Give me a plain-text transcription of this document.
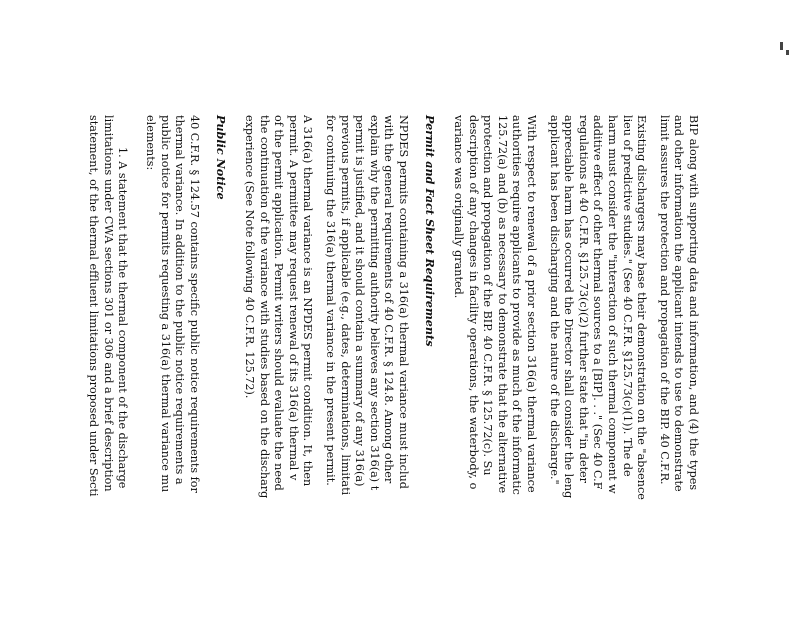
BIP along with supporting data and information, and (4) the types

and other information the applicant intends to use to demonstrate

limit assures the protection and propagation of the BIP. 40 C.F.R.

Existing dischargers may base their demonstration on the "absence

lieu of predictive studies." (See 40 C.F.R. §125.73(c)(1)). The de

harm must consider the "interaction of such thermal component w

additive effect of other thermal sources to a [BIP]. . ." (Sec 40 C.F

regulations at 40 C.F.R. §125.73(c)(2) further state that "in deter

appreciable harm has occurred the Director shall consider the leng

applicant has been discharging and the nature of the discharge."

With respect to renewal of a prior section 316(a) thermal variance

authorities require applicants to provide as much of the informatic

125.72(a) and (b) as necessary to demonstrate that the alternative

protection and propagation of the BIP. 40 C.F.R. § 125.72(c). Su

description of any changes in facility operations, the waterbody, o

variance was originally granted.

Permit and Fact Sheet Requirements

NPDES permits containing a 316(a) thermal variance must includ

with the general requirements of 40 C.F.R. § 124.8. Among other

explain why the permitting authority believes any section 316(a) t

permit is justified, and it should contain a summary of any 316(a)

previous permits, if applicable (e.g., dates, determinations, limitati

for continuing the 316(a) thermal variance in the present permit.

A 316(a) thermal variance is an NPDES permit condition. It, then

permit. A permittee may request renewal of its 316(a) thermal v

of the permit application. Permit writers should evaluate the need

the continuation of the variance with studies based on the discharg

experience (See Note following 40 C.F.R. 125.72).

Public Notice

40 C.F.R. § 124.57 contains specific public notice requirements for

thermal variance. In addition to the public notice requirements a

public notice for permits requesting a 316(a) thermal variance mu

elements:

1. A statement that the thermal component of the discharge

limitations under CWA sections 301 or 306 and a brief description

statement, of the thermal effluent limitations proposed under Secti
